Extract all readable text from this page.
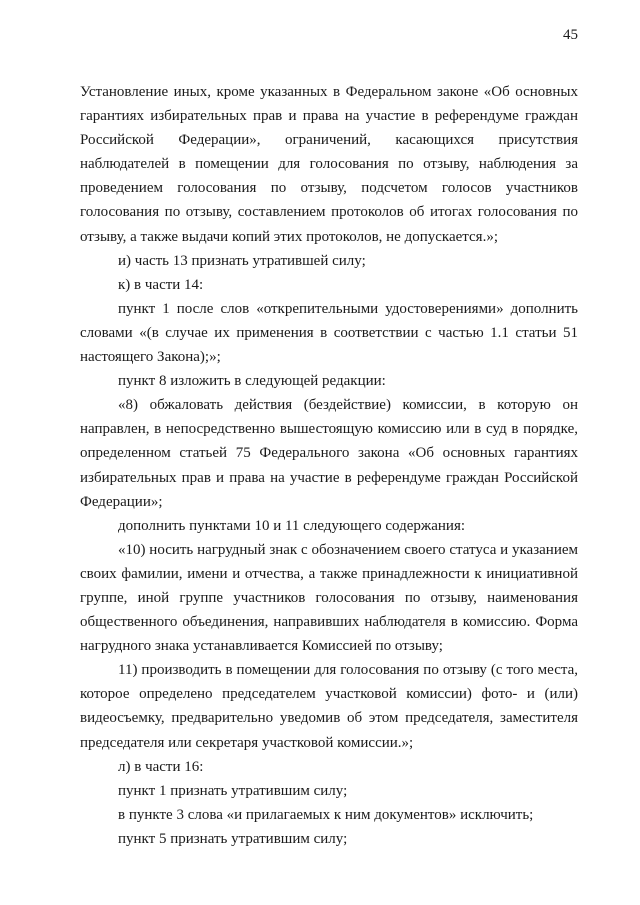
45

Установление иных, кроме указанных в Федеральном законе «Об основных гарантиях избирательных прав и права на участие в референдуме граждан Российской Федерации», ограничений, касающихся присутствия наблюдателей в помещении для голосования по отзыву, наблюдения за проведением голосования по отзыву, подсчетом голосов участников голосования по отзыву, составлением протоколов об итогах голосования по отзыву, а также выдачи копий этих протоколов, не допускается.»;

и) часть 13 признать утратившей силу;

к) в части 14:

пункт 1 после слов «открепительными удостоверениями» дополнить словами «(в случае их применения в соответствии с частью 1.1 статьи 51 настоящего Закона);»;

пункт 8 изложить в следующей редакции:

«8) обжаловать действия (бездействие) комиссии, в которую он направлен, в непосредственно вышестоящую комиссию или в суд в порядке, определенном статьей 75 Федерального закона «Об основных гарантиях избирательных прав и права на участие в референдуме граждан Российской Федерации»;

дополнить пунктами 10 и 11 следующего содержания:

«10) носить нагрудный знак с обозначением своего статуса и указанием своих фамилии, имени и отчества, а также принадлежности к инициативной группе, иной группе участников голосования по отзыву, наименования общественного объединения, направивших наблюдателя в комиссию. Форма нагрудного знака устанавливается Комиссией по отзыву;

11) производить в помещении для голосования по отзыву (с того места, которое определено председателем участковой комиссии) фото- и (или) видеосъемку, предварительно уведомив об этом председателя, заместителя председателя или секретаря участковой комиссии.»;

л) в части 16:

пункт 1 признать утратившим силу;

в пункте 3 слова «и прилагаемых к ним документов» исключить;

пункт 5 признать утратившим силу;
